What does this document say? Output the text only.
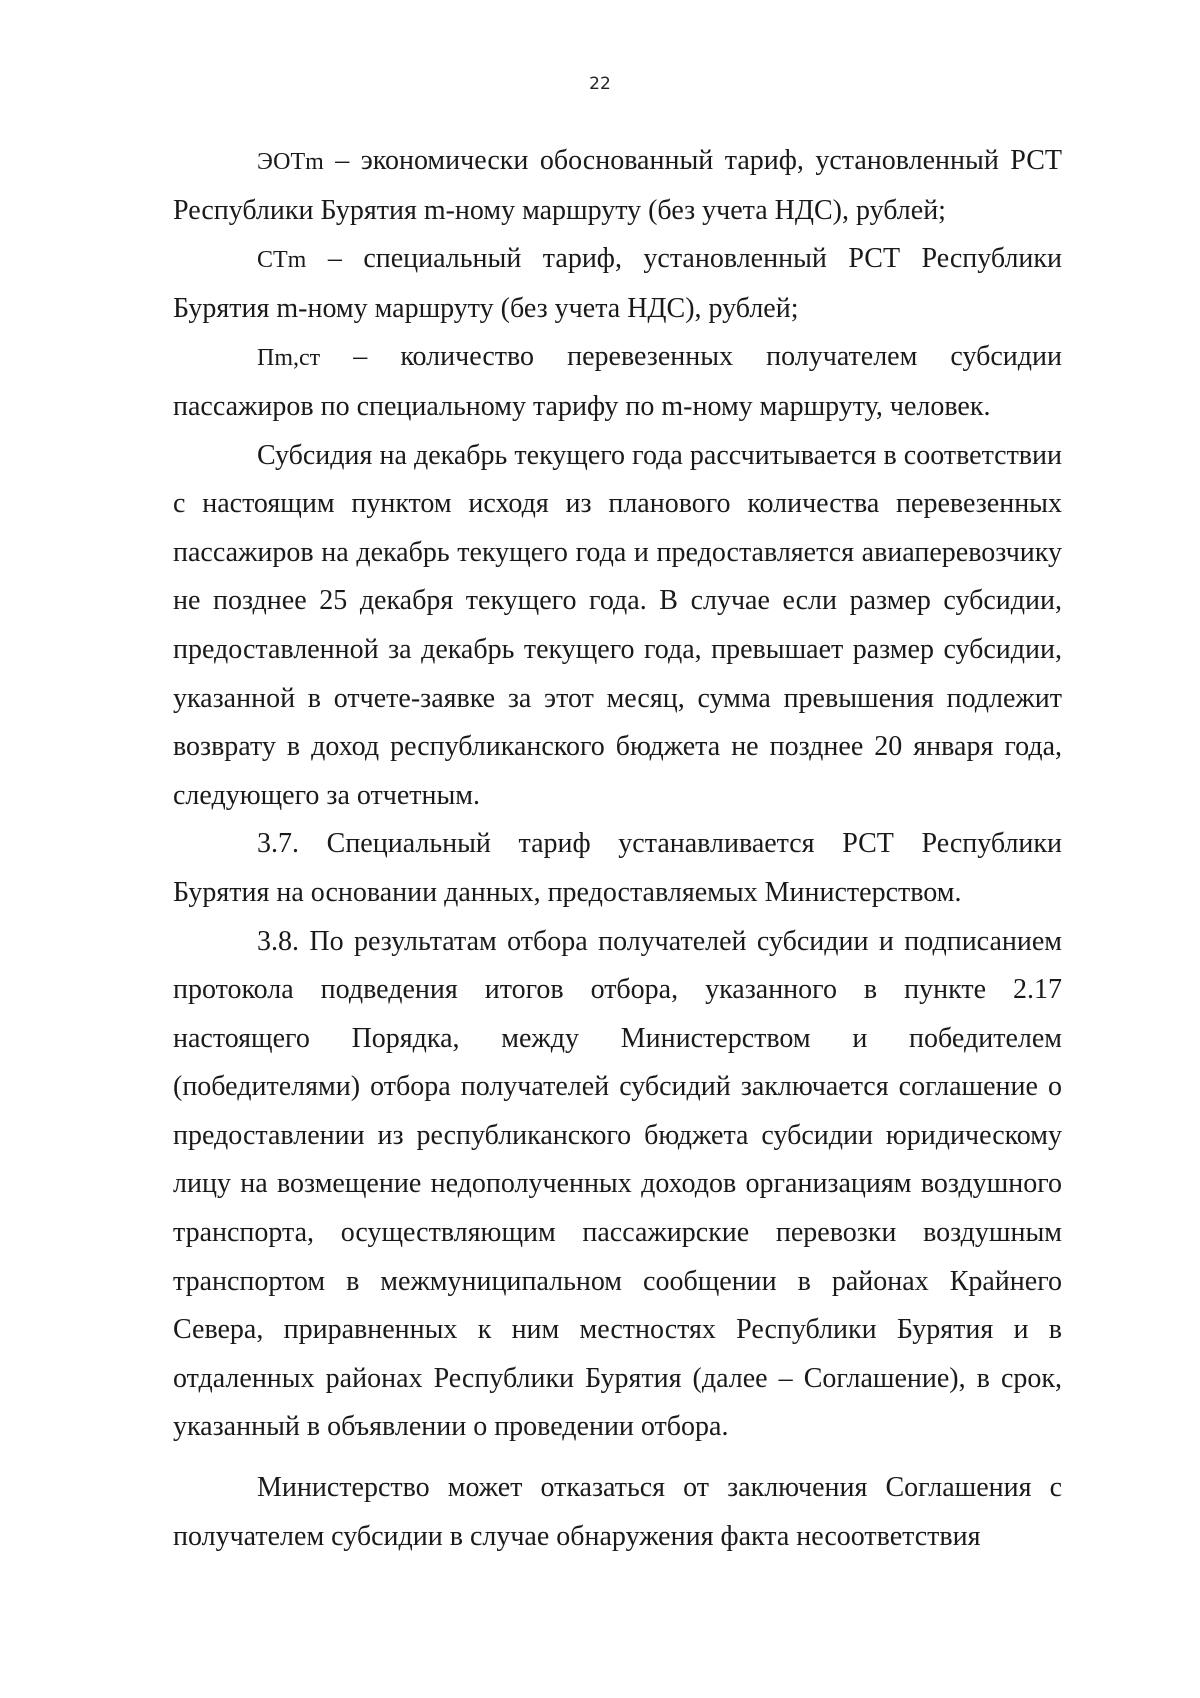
22

ЭОТm – экономически обоснованный тариф, установленный РСТ Республики Бурятия m-ному маршруту (без учета НДС), рублей;

СТm – специальный тариф, установленный РСТ Республики Бурятия m-ному маршруту (без учета НДС), рублей;

Пm,ст – количество перевезенных получателем субсидии пассажиров по специальному тарифу по m-ному маршруту, человек.

Субсидия на декабрь текущего года рассчитывается в соответствии с настоящим пунктом исходя из планового количества перевезенных пассажиров на декабрь текущего года и предоставляется авиаперевозчику не позднее 25 декабря текущего года. В случае если размер субсидии, предоставленной за декабрь текущего года, превышает размер субсидии, указанной в отчете-заявке за этот месяц, сумма превышения подлежит возврату в доход республиканского бюджета не позднее 20 января года, следующего за отчетным.

3.7. Специальный тариф устанавливается РСТ Республики Бурятия на основании данных, предоставляемых Министерством.

3.8. По результатам отбора получателей субсидии и подписанием протокола подведения итогов отбора, указанного в пункте 2.17 настоящего Порядка, между Министерством и победителем (победителями) отбора получателей субсидий заключается соглашение о предоставлении из республиканского бюджета субсидии юридическому лицу на возмещение недополученных доходов организациям воздушного транспорта, осуществляющим пассажирские перевозки воздушным транспортом в межмуниципальном сообщении в районах Крайнего Севера, приравненных к ним местностях Республики Бурятия и в отдаленных районах Республики Бурятия (далее – Соглашение), в срок, указанный в объявлении о проведении отбора.

Министерство может отказаться от заключения Соглашения с получателем субсидии в случае обнаружения факта несоответствия
